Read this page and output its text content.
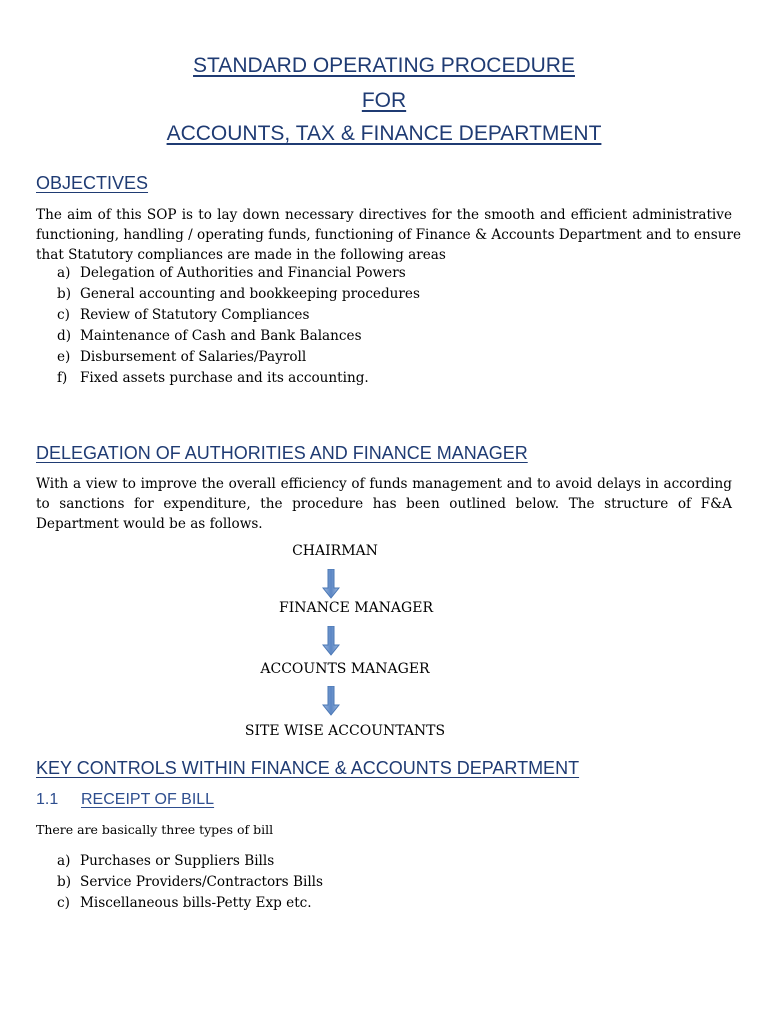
STANDARD OPERATING PROCEDURE
FOR
ACCOUNTS, TAX & FINANCE DEPARTMENT
OBJECTIVES
The aim of this SOP is to lay down necessary directives for the smooth and efficient administrative
functioning, handling / operating funds, functioning of Finance & Accounts Department and to ensure
that Statutory compliances are made in the following areas
a) Delegation of Authorities and Financial Powers
b) General accounting and bookkeeping procedures
c) Review of Statutory Compliances
d) Maintenance of Cash and Bank Balances
e) Disbursement of Salaries/Payroll
f) Fixed assets purchase and its accounting.
DELEGATION OF AUTHORITIES AND FINANCE MANAGER
With a view to improve the overall efficiency of funds management and to avoid delays in according
to sanctions for expenditure, the procedure has been outlined below. The structure of F&A
Department would be as follows.
CHAIRMAN
FINANCE MANAGER
ACCOUNTS MANAGER
SITE WISE ACCOUNTANTS
KEY CONTROLS WITHIN FINANCE & ACCOUNTS DEPARTMENT
1.1 RECEIPT OF BILL
There are basically three types of bill
a) Purchases or Suppliers Bills
b) Service Providers/Contractors Bills
c) Miscellaneous bills-Petty Exp etc.
